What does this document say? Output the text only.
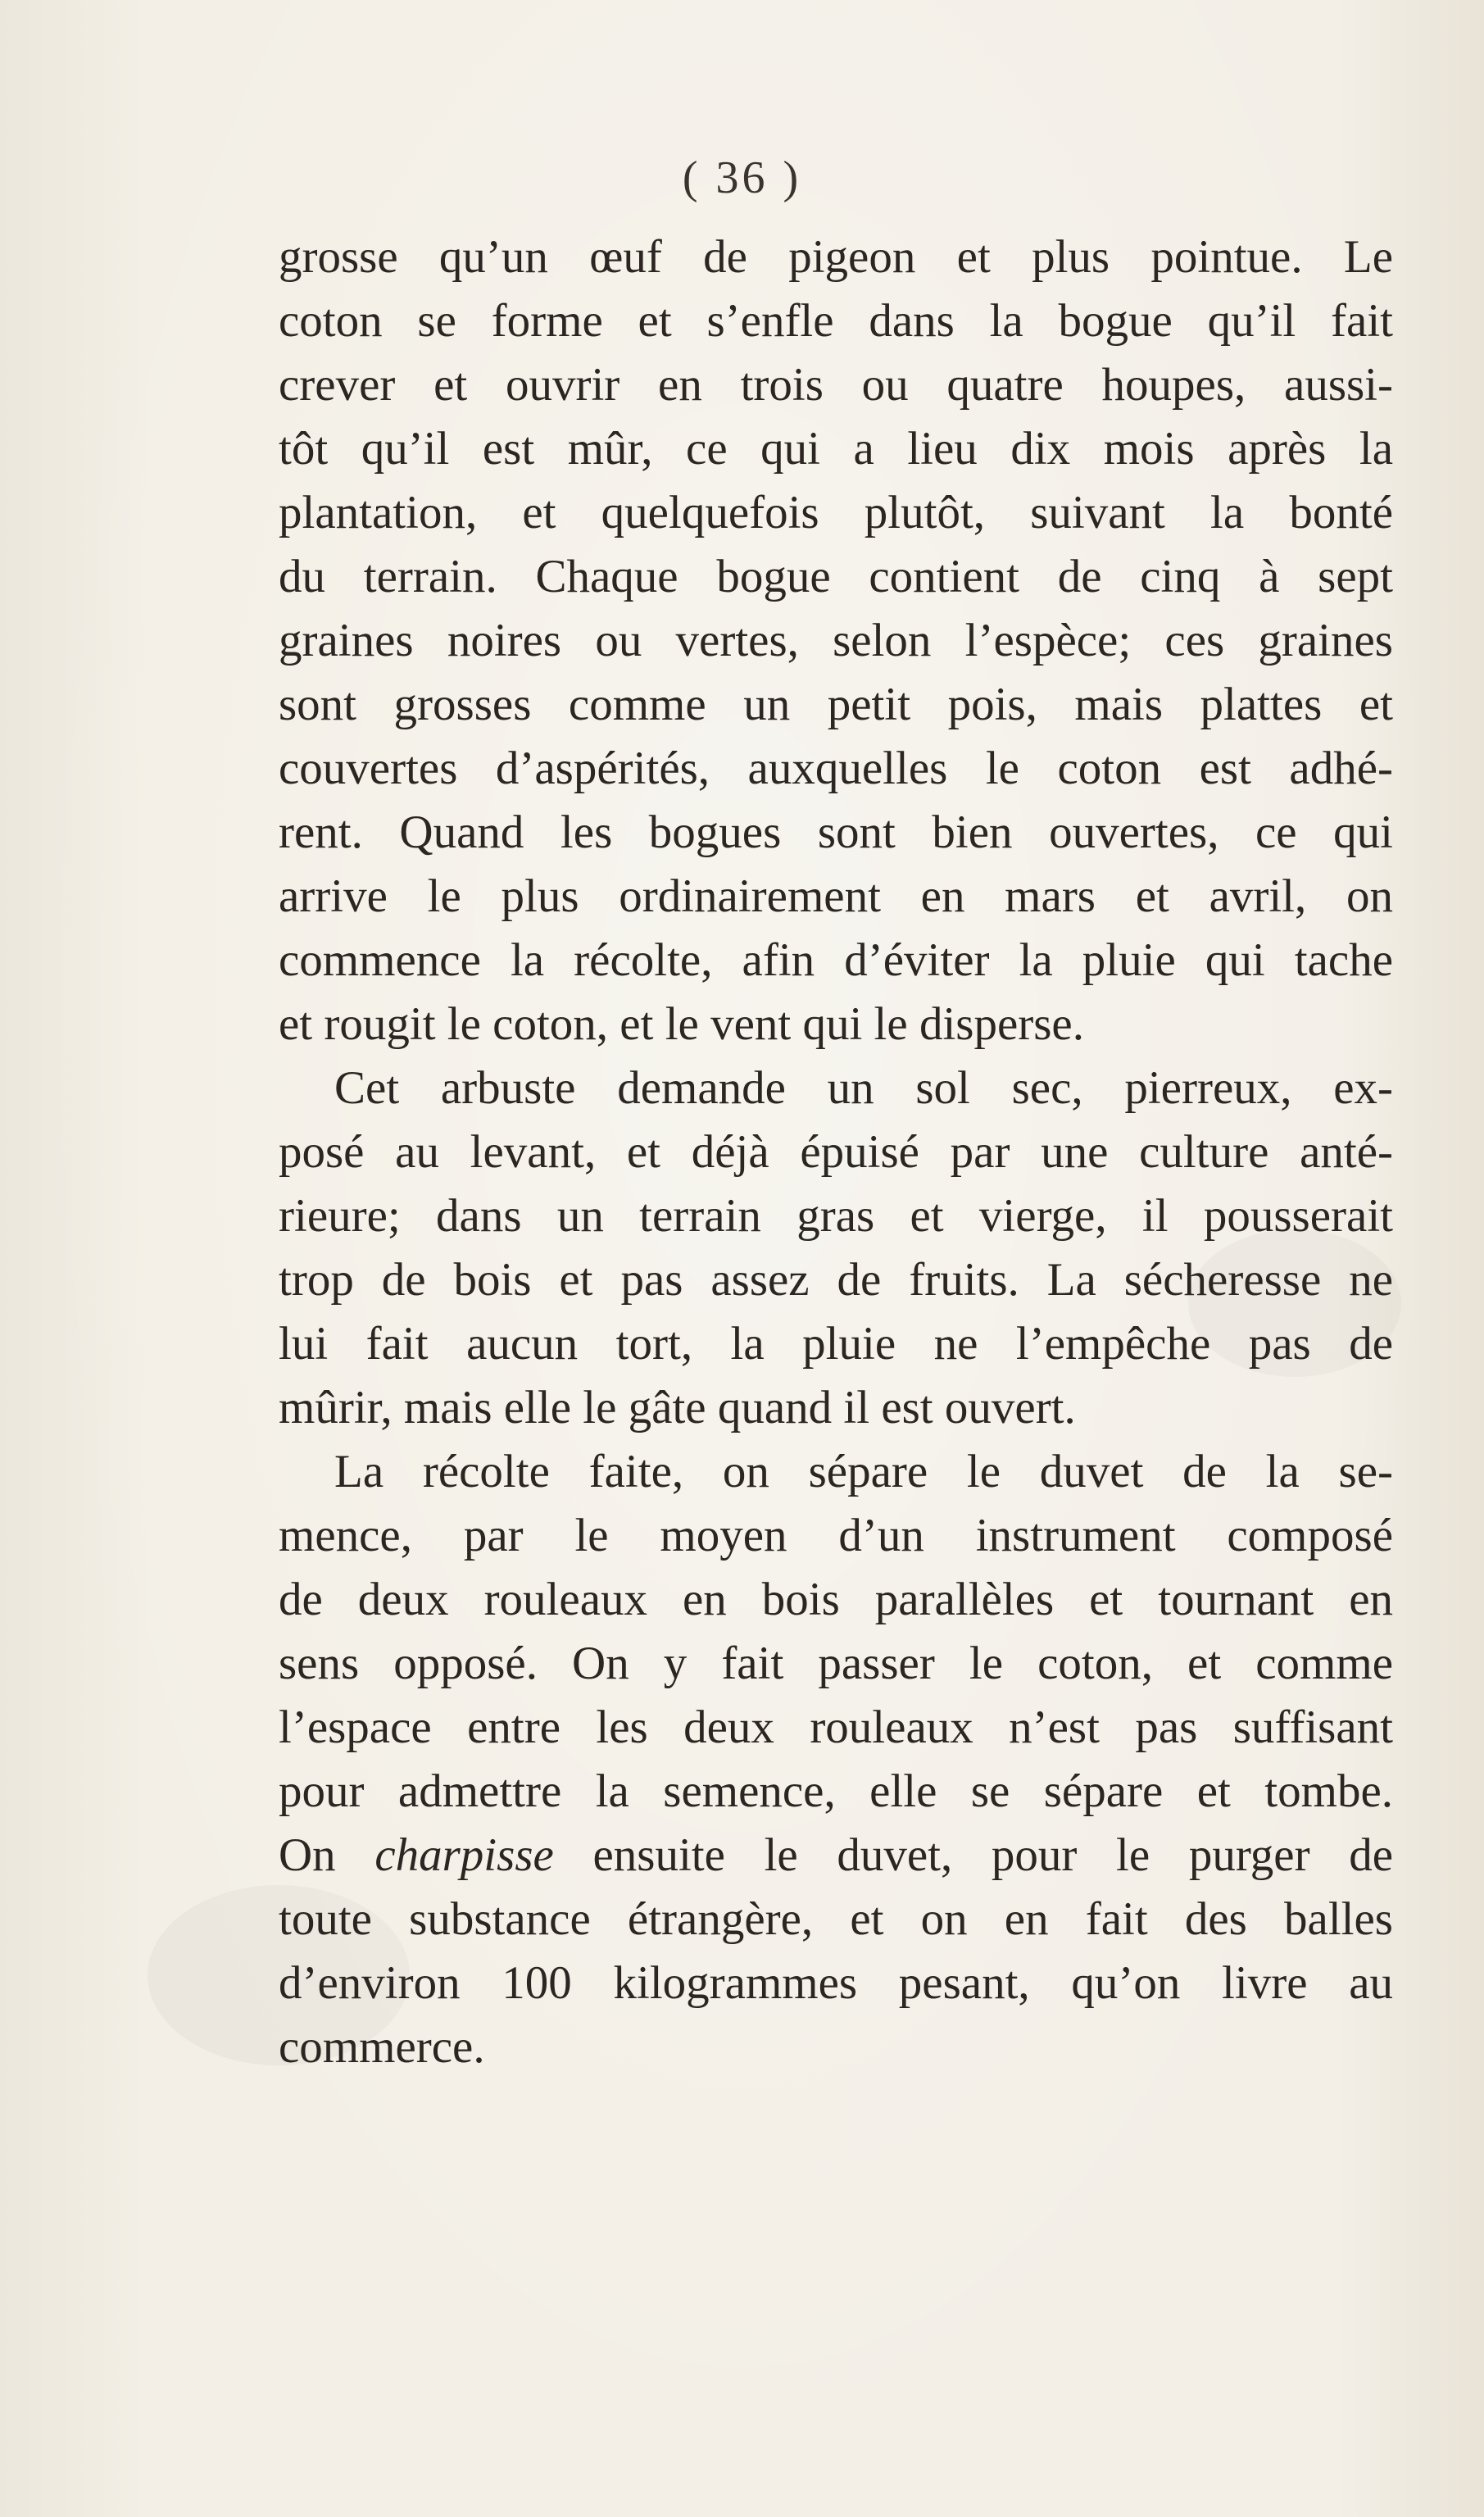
( 36 )
grosse qu’un œuf de pigeon et plus pointue. Le
coton se forme et s’enfle dans la bogue qu’il fait
crever et ouvrir en trois ou quatre houpes, aussi-
tôt qu’il est mûr, ce qui a lieu dix mois après la
plantation, et quelquefois plutôt, suivant la bonté
du terrain. Chaque bogue contient de cinq à sept
graines noires ou vertes, selon l’espèce; ces graines
sont grosses comme un petit pois, mais plattes et
couvertes d’aspérités, auxquelles le coton est adhé-
rent. Quand les bogues sont bien ouvertes, ce qui
arrive le plus ordinairement en mars et avril, on
commence la récolte, afin d’éviter la pluie qui tache
et rougit le coton, et le vent qui le disperse.
Cet arbuste demande un sol sec, pierreux, ex-
posé au levant, et déjà épuisé par une culture anté-
rieure; dans un terrain gras et vierge, il pousserait
trop de bois et pas assez de fruits. La sécheresse ne
lui fait aucun tort, la pluie ne l’empêche pas de
mûrir, mais elle le gâte quand il est ouvert.
La récolte faite, on sépare le duvet de la se-
mence, par le moyen d’un instrument composé
de deux rouleaux en bois parallèles et tournant en
sens opposé. On y fait passer le coton, et comme
l’espace entre les deux rouleaux n’est pas suffisant
pour admettre la semence, elle se sépare et tombe.
On charpisse ensuite le duvet, pour le purger de
toute substance étrangère, et on en fait des balles
d’environ 100 kilogrammes pesant, qu’on livre au
commerce.
